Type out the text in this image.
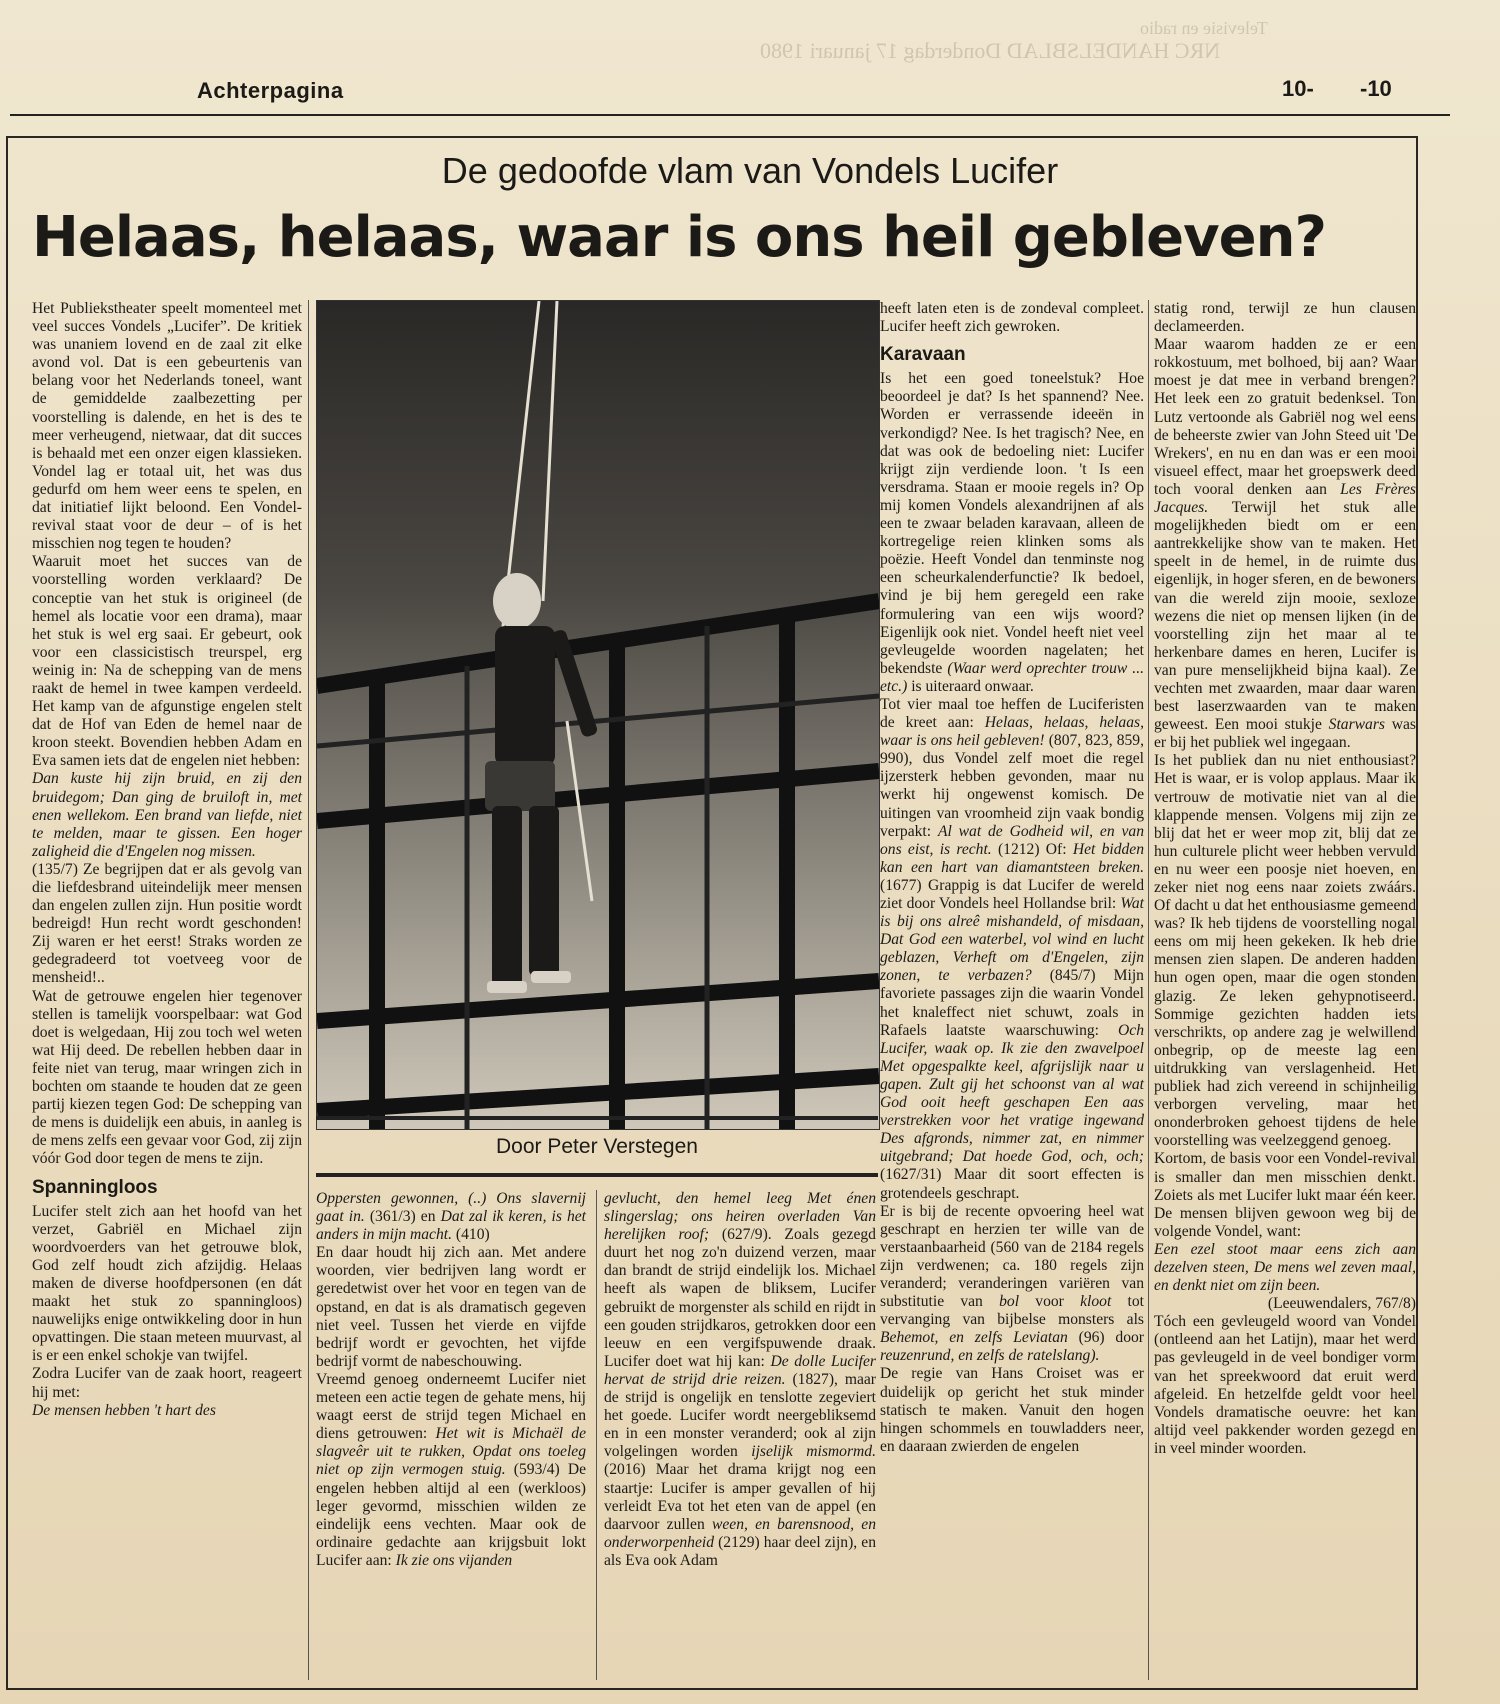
NRC HANDELSBLAD Donderdag 17 januari 1980
Televisie en radio
Achterpagina	10- -10
De gedoofde vlam van Vondels Lucifer
Helaas, helaas, waar is ons heil gebleven?

Het Publiekstheater speelt momenteel met veel succes Vondels „Lucifer”. De kritiek was unaniem lovend en de zaal zit elke avond vol. Dat is een gebeurtenis van belang voor het Nederlands toneel, want de gemiddelde zaalbezetting per voorstelling is dalende, en het is des te meer verheugend, nietwaar, dat dit succes is behaald met een onzer eigen klassieken. Vondel lag er totaal uit, het was dus gedurfd om hem weer eens te spelen, en dat initiatief lijkt beloond. Een Vondel-revival staat voor de deur – of is het misschien nog tegen te houden?

Waaruit moet het succes van de voorstelling worden verklaard? De conceptie van het stuk is origineel (de hemel als locatie voor een drama), maar het stuk is wel erg saai. Er gebeurt, ook voor een classicistisch treurspel, erg weinig in: Na de schepping van de mens raakt de hemel in twee kampen verdeeld. Het kamp van de afgunstige engelen stelt dat de Hof van Eden de hemel naar de kroon steekt. Bovendien hebben Adam en Eva samen iets dat de engelen niet hebben:

Dan kuste hij zijn bruid, en zij den bruidegom; Dan ging de bruiloft in, met enen wellekom. Een brand van liefde, niet te melden, maar te gissen. Een hoger zaligheid die d'Engelen nog missen.

(135/7) Ze begrijpen dat er als gevolg van die liefdesbrand uiteindelijk meer mensen dan engelen zullen zijn. Hun positie wordt bedreigd! Hun recht wordt geschonden! Zij waren er het eerst! Straks worden ze gedegradeerd tot voetveeg voor de mensheid!..

Wat de getrouwe engelen hier tegenover stellen is tamelijk voorspelbaar: wat God doet is welgedaan, Hij zou toch wel weten wat Hij deed. De rebellen hebben daar in feite niet van terug, maar wringen zich in bochten om staande te houden dat ze geen partij kiezen tegen God: De schepping van de mens is duidelijk een abuis, in aanleg is de mens zelfs een gevaar voor God, zij zijn vóór God door tegen de mens te zijn.

Spanningloos

Lucifer stelt zich aan het hoofd van het verzet, Gabriël en Michael zijn woordvoerders van het getrouwe blok, God zelf houdt zich afzijdig. Helaas maken de diverse hoofdpersonen (en dát maakt het stuk zo spanningloos) nauwelijks enige ontwikkeling door in hun opvattingen. Die staan meteen muurvast, al is er een enkel schokje van twijfel.

Zodra Lucifer van de zaak hoort, reageert hij met:

De mensen hebben 't hart des

Door Peter Verstegen

Oppersten gewonnen, (..) Ons slavernij gaat in. (361/3) en Dat zal ik keren, is het anders in mijn macht. (410)

En daar houdt hij zich aan. Met andere woorden, vier bedrijven lang wordt er geredetwist over het voor en tegen van de opstand, en dat is als dramatisch gegeven niet veel. Tussen het vierde en vijfde bedrijf wordt er gevochten, het vijfde bedrijf vormt de nabeschouwing.

Vreemd genoeg onderneemt Lucifer niet meteen een actie tegen de gehate mens, hij waagt eerst de strijd tegen Michael en diens getrouwen: Het wit is Michaël de slagveêr uit te rukken, Opdat ons toeleg niet op zijn vermogen stuig. (593/4) De engelen hebben altijd al een (werkloos) leger gevormd, misschien wilden ze eindelijk eens vechten. Maar ook de ordinaire gedachte aan krijgsbuit lokt Lucifer aan: Ik zie ons vijanden

gevlucht, den hemel leeg Met énen slingerslag; ons heiren overladen Van herelijken roof; (627/9). Zoals gezegd duurt het nog zo'n duizend verzen, maar dan brandt de strijd eindelijk los. Michael heeft als wapen de bliksem, Lucifer gebruikt de morgenster als schild en rijdt in een gouden strijdkaros, getrokken door een leeuw en een vergifspuwende draak. Lucifer doet wat hij kan: De dolle Lucifer hervat de strijd drie reizen. (1827), maar de strijd is ongelijk en tenslotte zegeviert het goede. Lucifer wordt neergebliksemd en in een monster veranderd; ook al zijn volgelingen worden ijselijk mismormd. (2016) Maar het drama krijgt nog een staartje: Lucifer is amper gevallen of hij verleidt Eva tot het eten van de appel (en daarvoor zullen ween, en barensnood, en onderworpenheid (2129) haar deel zijn), en als Eva ook Adam

heeft laten eten is de zondeval compleet. Lucifer heeft zich gewroken.

Karavaan

Is het een goed toneelstuk? Hoe beoordeel je dat? Is het spannend? Nee. Worden er verrassende ideeën in verkondigd? Nee. Is het tragisch? Nee, en dat was ook de bedoeling niet: Lucifer krijgt zijn verdiende loon. 't Is een versdrama. Staan er mooie regels in? Op mij komen Vondels alexandrijnen af als een te zwaar beladen karavaan, alleen de kortregelige reien klinken soms als poëzie. Heeft Vondel dan tenminste nog een scheurkalenderfunctie? Ik bedoel, vind je bij hem geregeld een rake formulering van een wijs woord? Eigenlijk ook niet. Vondel heeft niet veel gevleugelde woorden nagelaten; het bekendste (Waar werd oprechter trouw ... etc.) is uiteraard onwaar.

Tot vier maal toe heffen de Luciferisten de kreet aan: Helaas, helaas, helaas, waar is ons heil gebleven! (807, 823, 859, 990), dus Vondel zelf moet die regel ijzersterk hebben gevonden, maar nu werkt hij ongewenst komisch. De uitingen van vroomheid zijn vaak bondig verpakt: Al wat de Godheid wil, en van ons eist, is recht. (1212) Of: Het bidden kan een hart van diamantsteen breken. (1677) Grappig is dat Lucifer de wereld ziet door Vondels heel Hollandse bril: Wat is bij ons alreê mishandeld, of misdaan, Dat God een waterbel, vol wind en lucht geblazen, Verheft om d'Engelen, zijn zonen, te verbazen? (845/7) Mijn favoriete passages zijn die waarin Vondel het knaleffect niet schuwt, zoals in Rafaels laatste waarschuwing: Och Lucifer, waak op. Ik zie den zwavelpoel Met opgespalkte keel, afgrijslijk naar u gapen. Zult gij het schoonst van al wat God ooit heeft geschapen Een aas verstrekken voor het vratige ingewand Des afgronds, nimmer zat, en nimmer uitgebrand; Dat hoede God, och, och; (1627/31) Maar dit soort effecten is grotendeels geschrapt.

Er is bij de recente opvoering heel wat geschrapt en herzien ter wille van de verstaanbaarheid (560 van de 2184 regels zijn verdwenen; ca. 180 regels zijn veranderd; veranderingen variëren van substitutie van bol voor kloot tot vervanging van bijbelse monsters als Behemot, en zelfs Leviatan (96) door reuzenrund, en zelfs de ratelslang).

De regie van Hans Croiset was er duidelijk op gericht het stuk minder statisch te maken. Vanuit den hogen hingen schommels en touwladders neer, en daaraan zwierden de engelen

statig rond, terwijl ze hun clausen declameerden.

Maar waarom hadden ze er een rokkostuum, met bolhoed, bij aan? Waar moest je dat mee in verband brengen? Het leek een zo gratuit bedenksel. Ton Lutz vertoonde als Gabriël nog wel eens de beheerste zwier van John Steed uit 'De Wrekers', en nu en dan was er een mooi visueel effect, maar het groepswerk deed toch vooral denken aan Les Frères Jacques. Terwijl het stuk alle mogelijkheden biedt om er een aantrekkelijke show van te maken. Het speelt in de hemel, in de ruimte dus eigenlijk, in hoger sferen, en de bewoners van die wereld zijn mooie, sexloze wezens die niet op mensen lijken (in de voorstelling zijn het maar al te herkenbare dames en heren, Lucifer is van pure menselijkheid bijna kaal). Ze vechten met zwaarden, maar daar waren best laserzwaarden van te maken geweest. Een mooi stukje Starwars was er bij het publiek wel ingegaan.

Is het publiek dan nu niet enthousiast? Het is waar, er is volop applaus. Maar ik vertrouw de motivatie niet van al die klappende mensen. Volgens mij zijn ze blij dat het er weer mop zit, blij dat ze hun culturele plicht weer hebben vervuld en nu weer een poosje niet hoeven, en zeker niet nog eens naar zoiets zwáárs. Of dacht u dat het enthousiasme gemeend was? Ik heb tijdens de voorstelling nogal eens om mij heen gekeken. Ik heb drie mensen zien slapen. De anderen hadden hun ogen open, maar die ogen stonden glazig. Ze leken gehypnotiseerd. Sommige gezichten hadden iets verschrikts, op andere zag je welwillend onbegrip, op de meeste lag een uitdrukking van verslagenheid. Het publiek had zich vereend in schijnheilig verborgen verveling, maar het ononderbroken gehoest tijdens de hele voorstelling was veelzeggend genoeg.

Kortom, de basis voor een Vondel-revival is smaller dan men misschien denkt. Zoiets als met Lucifer lukt maar één keer. De mensen blijven gewoon weg bij de volgende Vondel, want:

Een ezel stoot maar eens zich aan dezelven steen, De mens wel zeven maal, en denkt niet om zijn been.

(Leeuwendalers, 767/8)

Tóch een gevleugeld woord van Vondel (ontleend aan het Latijn), maar het werd pas gevleugeld in de veel bondiger vorm van het spreekwoord dat eruit werd afgeleid. En hetzelfde geldt voor heel Vondels dramatische oeuvre: het kan altijd veel pakkender worden gezegd en in veel minder woorden.
